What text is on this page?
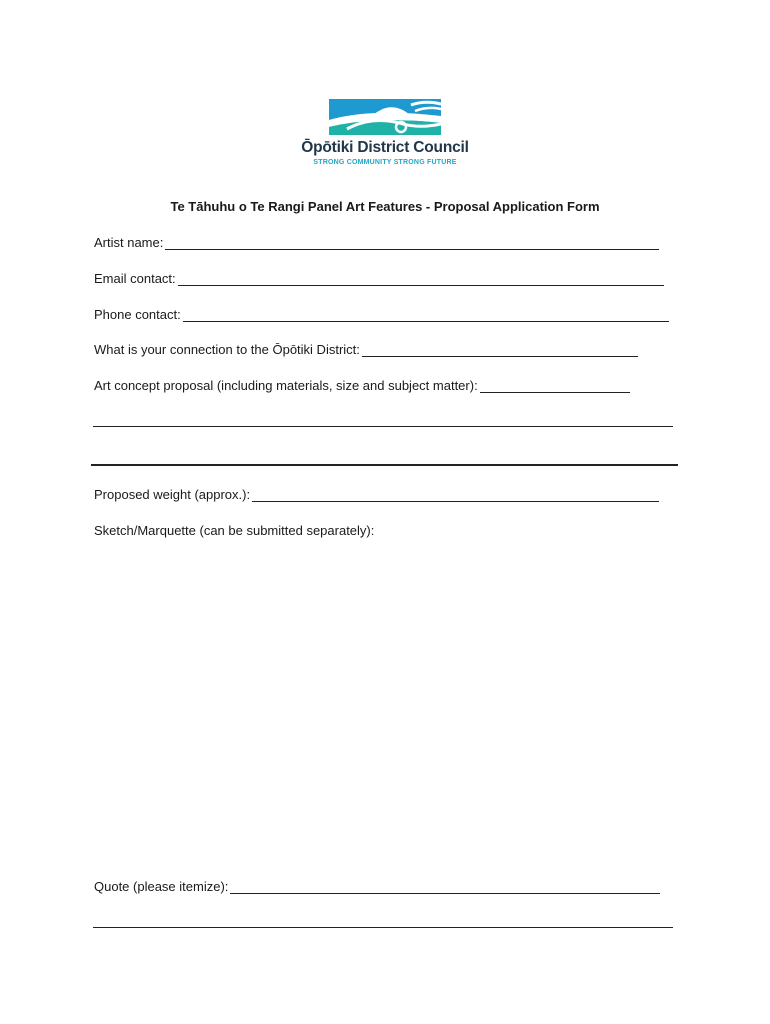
Ōpōtiki District Council
STRONG COMMUNITY STRONG FUTURE
Te Tāhuhu o Te Rangi Panel Art Features - Proposal Application Form
Artist name:
Email contact:
Phone contact:
What is your connection to the Ōpōtiki District:
Art concept proposal (including materials, size and subject matter):
Proposed weight (approx.):
Sketch/Marquette (can be submitted separately):
Quote (please itemize):
